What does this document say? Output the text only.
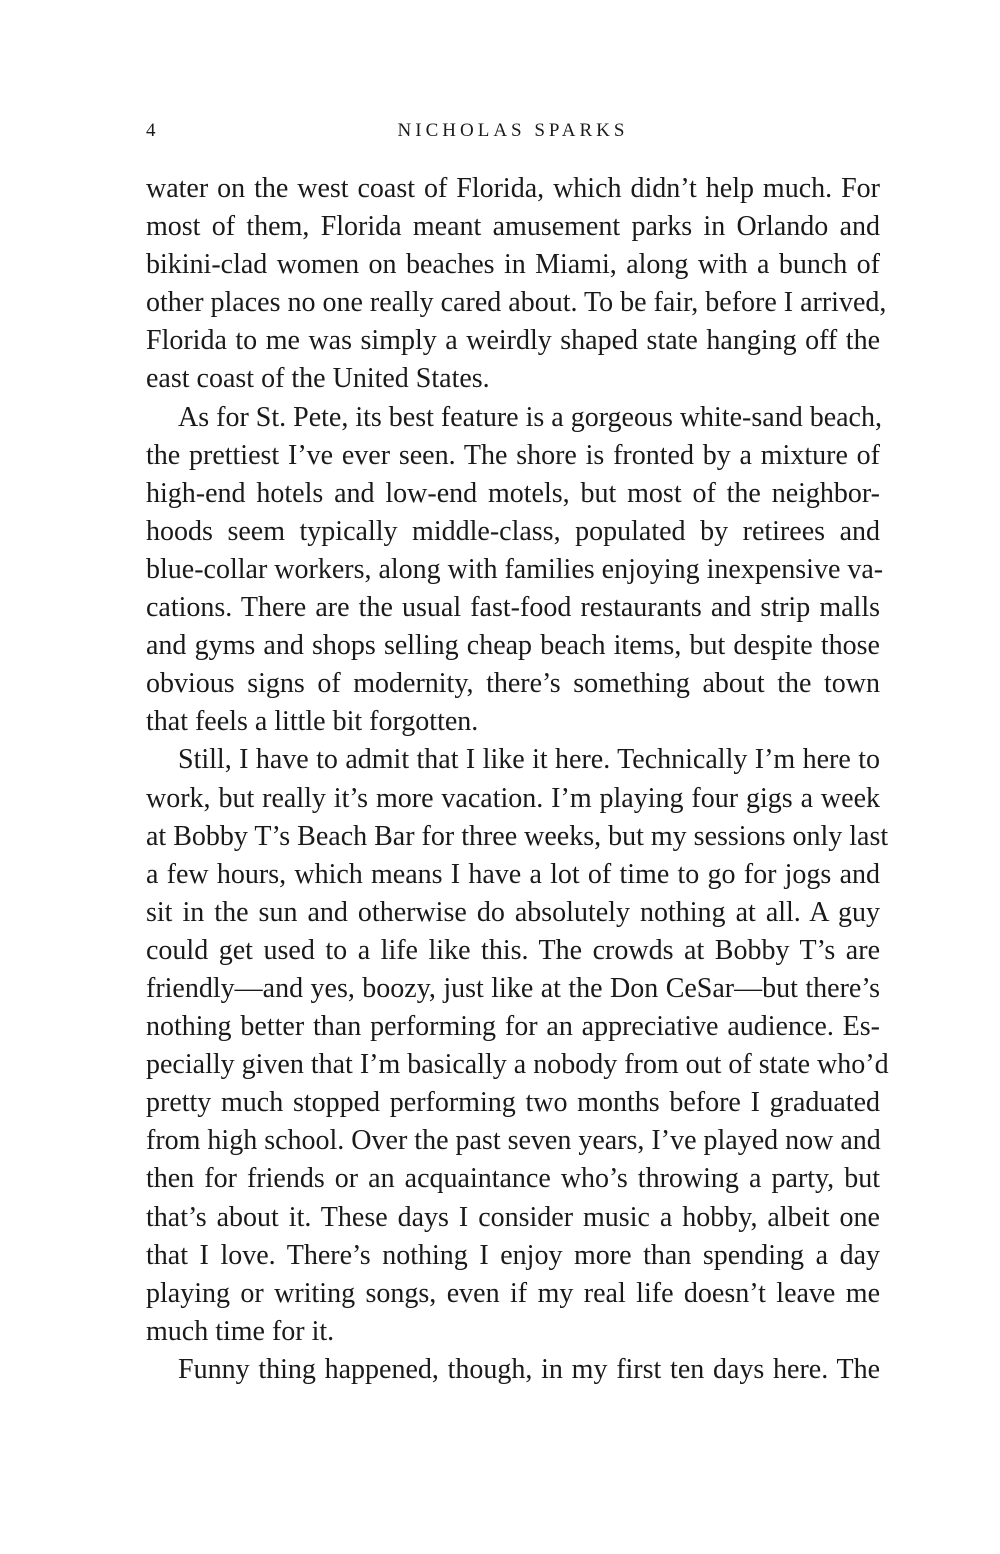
4	NICHOLAS SPARKS
water on the west coast of Florida, which didn’t help much. For
most of them, Florida meant amusement parks in Orlando and
bikini-clad women on beaches in Miami, along with a bunch of
other places no one really cared about. To be fair, before I arrived,
Florida to me was simply a weirdly shaped state hanging off the
east coast of the United States.
As for St. Pete, its best feature is a gorgeous white-sand beach,
the prettiest I’ve ever seen. The shore is fronted by a mixture of
high-end hotels and low-end motels, but most of the neighbor-
hoods seem typically middle-class, populated by retirees and
blue-collar workers, along with families enjoying inexpensive va-
cations. There are the usual fast-food restaurants and strip malls
and gyms and shops selling cheap beach items, but despite those
obvious signs of modernity, there’s something about the town
that feels a little bit forgotten.
Still, I have to admit that I like it here. Technically I’m here to
work, but really it’s more vacation. I’m playing four gigs a week
at Bobby T’s Beach Bar for three weeks, but my sessions only last
a few hours, which means I have a lot of time to go for jogs and
sit in the sun and otherwise do absolutely nothing at all. A guy
could get used to a life like this. The crowds at Bobby T’s are
friendly—and yes, boozy, just like at the Don CeSar—but there’s
nothing better than performing for an appreciative audience. Es-
pecially given that I’m basically a nobody from out of state who’d
pretty much stopped performing two months before I graduated
from high school. Over the past seven years, I’ve played now and
then for friends or an acquaintance who’s throwing a party, but
that’s about it. These days I consider music a hobby, albeit one
that I love. There’s nothing I enjoy more than spending a day
playing or writing songs, even if my real life doesn’t leave me
much time for it.
Funny thing happened, though, in my first ten days here. The
